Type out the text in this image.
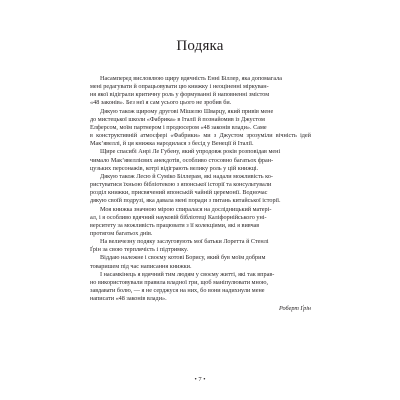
Подяка

Насамперед висловлюю щиру вдячність Енні Біллер, яка допомагала
мені редагувати й опрацьовувати цю книжку і неоціненні міркуван-
ня якої відіграли критичну роль у формуванні й наповненні змістом
«48 законів». Без неї я сам усього цього не зробив би.

Дякую також щирому другові Мішелю Шварцу, який привів мене
до мистецької школи «Фабрика» в Італії й познайомив із Джустом
Елферсом, моїм партнером і продюсером «48 законів влади». Саме
в конструктивній атмосфері «Фабрики» ми з Джустом зрозуміли вічність ідей Мак’явеллі, й ця книжка народилася з бесід у Венеції й Італії.

Щире спасибі Анрі Ле Губену, який упродовж років розповідав мені
чимало Мак’явеллієвих анекдотів, особливо стосовно багатьох фран-
цузьких персонажів, котрі відіграють велику роль у цій книжці.

Дякую також Лесю й Суміко Біллерам, які надали можливість ко-
ристуватися їхньою бібліотекою з японської історії та консультували
розділ книжки, присвячений японській чайній церемонії. Водночас
дякую своїй подрузі, яка давала мені поради з питань китайської історії.

Моя книжка значною мірою спиралася на дослідницький матері-
ал, і я особливо вдячний науковій бібліотеці Каліфорнійського уні-
верситету за можливість працювати з її колекціями, які я вивчав
протягом багатьох днів.

На величезну подяку заслуговують мої батьки Лоретта й Стенлі
Ґрін за свою терплячість і підтримку.

Віддаю належне і своєму котові Борису, який був моїм добрим
товаришем під час написання книжки.

І насамкінець я вдячний тим людям у своєму житті, які так вправ-
но використовували правила владної гри, щоб маніпулювати мною,
завдавати болю, — я не серджуся на них, бо вони надихнули мене
написати «48 законів влади».

Роберт Ґрін

• 7 •
